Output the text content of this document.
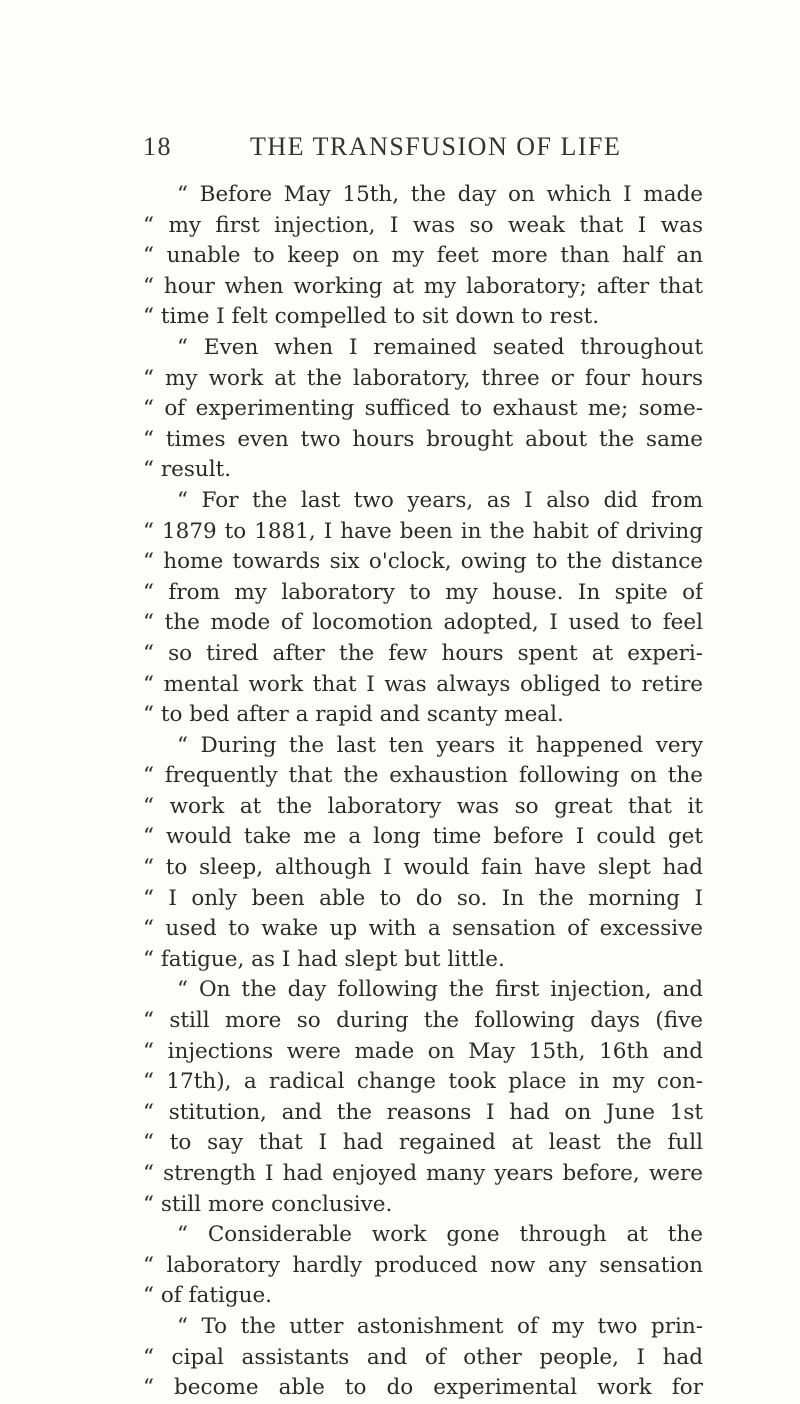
18	THE TRANSFUSION OF LIFE
“ Before May 15th, the day on which I made
“ my first injection, I was so weak that I was
“ unable to keep on my feet more than half an
“ hour when working at my laboratory; after that
“ time I felt compelled to sit down to rest.
“ Even when I remained seated throughout
“ my work at the laboratory, three or four hours
“ of experimenting sufficed to exhaust me; some-
“ times even two hours brought about the same
“ result.
“ For the last two years, as I also did from
“ 1879 to 1881, I have been in the habit of driving
“ home towards six o'clock, owing to the distance
“ from my laboratory to my house. In spite of
“ the mode of locomotion adopted, I used to feel
“ so tired after the few hours spent at experi-
“ mental work that I was always obliged to retire
“ to bed after a rapid and scanty meal.
“ During the last ten years it happened very
“ frequently that the exhaustion following on the
“ work at the laboratory was so great that it
“ would take me a long time before I could get
“ to sleep, although I would fain have slept had
“ I only been able to do so. In the morning I
“ used to wake up with a sensation of excessive
“ fatigue, as I had slept but little.
“ On the day following the first injection, and
“ still more so during the following days (five
“ injections were made on May 15th, 16th and
“ 17th), a radical change took place in my con-
“ stitution, and the reasons I had on June 1st
“ to say that I had regained at least the full
“ strength I had enjoyed many years before, were
“ still more conclusive.
“ Considerable work gone through at the
“ laboratory hardly produced now any sensation
“ of fatigue.
“ To the utter astonishment of my two prin-
“ cipal assistants and of other people, I had
“ become able to do experimental work for
